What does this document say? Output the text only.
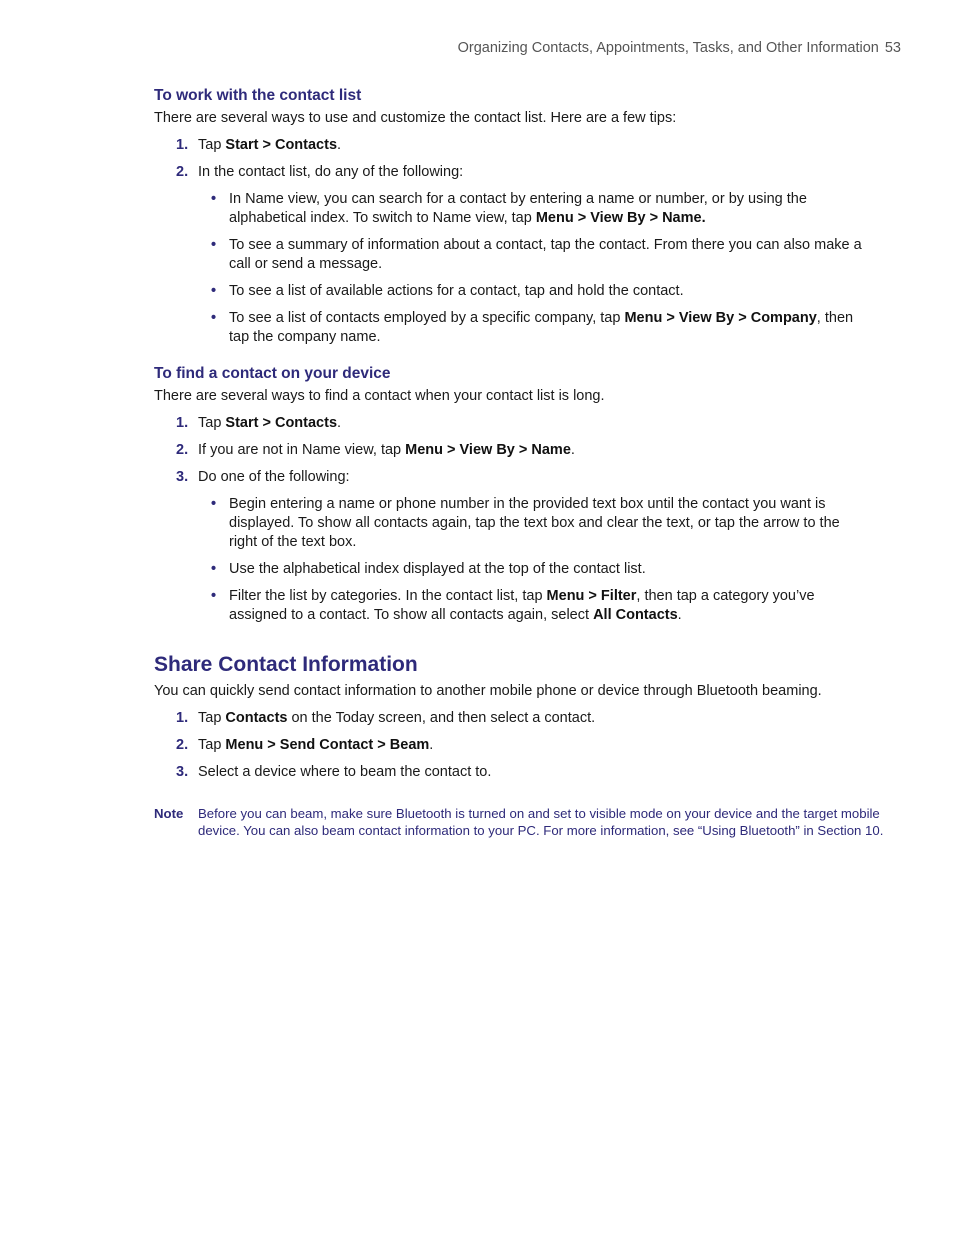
Organizing Contacts, Appointments, Tasks, and Other Information 53
To work with the contact list

There are several ways to use and customize the contact list. Here are a few tips:

1. Tap Start > Contacts.
2. In the contact list, do any of the following:
• In Name view, you can search for a contact by entering a name or number, or by using the alphabetical index. To switch to Name view, tap Menu > View By > Name.
• To see a summary of information about a contact, tap the contact. From there you can also make a call or send a message.
• To see a list of available actions for a contact, tap and hold the contact.
• To see a list of contacts employed by a specific company, tap Menu > View By > Company, then tap the company name.
To find a contact on your device

There are several ways to find a contact when your contact list is long.

1. Tap Start > Contacts.
2. If you are not in Name view, tap Menu > View By > Name.
3. Do one of the following:
• Begin entering a name or phone number in the provided text box until the contact you want is displayed. To show all contacts again, tap the text box and clear the text, or tap the arrow to the right of the text box.
• Use the alphabetical index displayed at the top of the contact list.
• Filter the list by categories. In the contact list, tap Menu > Filter, then tap a category you’ve assigned to a contact. To show all contacts again, select All Contacts.
Share Contact Information

You can quickly send contact information to another mobile phone or device through Bluetooth beaming.

1. Tap Contacts on the Today screen, and then select a contact.
2. Tap Menu > Send Contact > Beam.
3. Select a device where to beam the contact to.
Note Before you can beam, make sure Bluetooth is turned on and set to visible mode on your device and the target mobile device. You can also beam contact information to your PC. For more information, see “Using Bluetooth” in Section 10.
